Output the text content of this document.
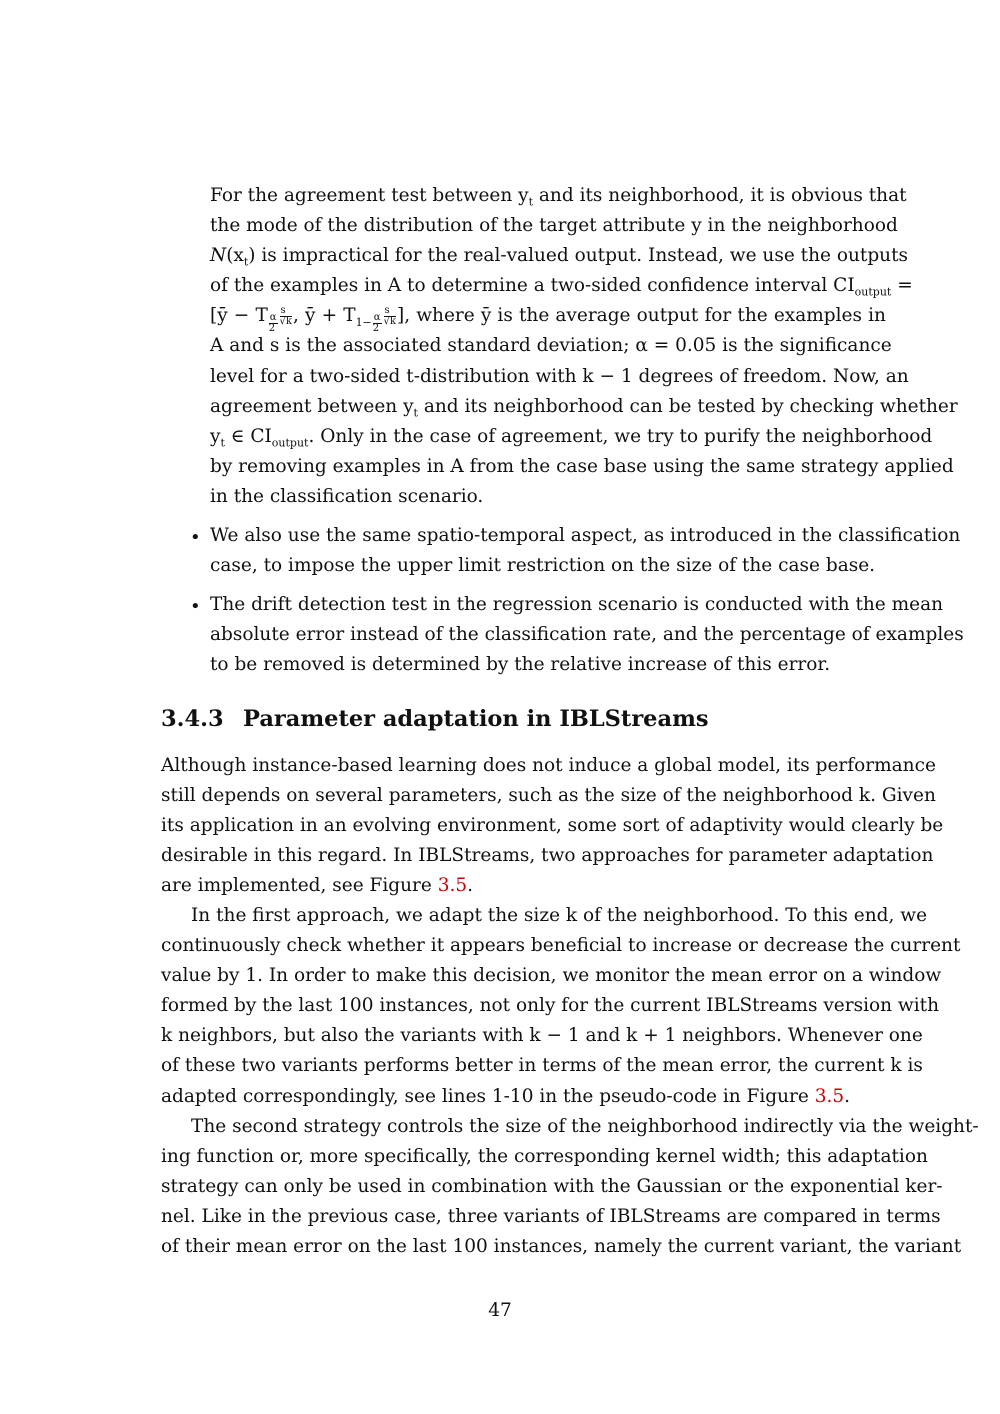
For the agreement test between $y_t$ and its neighborhood, it is obvious that
the mode of the distribution of the target attribute y in the neighborhood
$N(x_t)$ is impractical for the real-valued output. Instead, we use the outputs
of the examples in A to determine a two-sided confidence interval $CI_{output}$ =
[ȳ − T $_{\frac{\alpha}{2}} \frac{s}{√k}$ , ȳ + $T_{1- \frac{\alpha}{2}} \frac{s}{√k}$ ], where ȳ is the average output for the examples in
A and s is the associated standard deviation; α = 0.05 is the significance
level for a two-sided t-distribution with k − 1 degrees of freedom. Now, an
agreement between $y_t$ and its neighborhood can be tested by checking whether
$y_t$ ∈ $CI_{output}$. Only in the case of agreement, we try to purify the neighborhood
by removing examples in A from the case base using the same strategy applied
in the classification scenario.
• We also use the same spatio-temporal aspect, as introduced in the classification
case, to impose the upper limit restriction on the size of the case base.
• The drift detection test in the regression scenario is conducted with the mean
absolute error instead of the classification rate, and the percentage of examples
to be removed is determined by the relative increase of this error.
3.4.3 Parameter adaptation in IBLStreams
Although instance-based learning does not induce a global model, its performance
still depends on several parameters, such as the size of the neighborhood k. Given
its application in an evolving environment, some sort of adaptivity would clearly be
desirable in this regard. In IBLStreams, two approaches for parameter adaptation
are implemented, see Figure 3.5.
In the first approach, we adapt the size k of the neighborhood. To this end, we
continuously check whether it appears beneficial to increase or decrease the current
value by 1. In order to make this decision, we monitor the mean error on a window
formed by the last 100 instances, not only for the current IBLStreams version with
k neighbors, but also the variants with k − 1 and k + 1 neighbors. Whenever one
of these two variants performs better in terms of the mean error, the current k is
adapted correspondingly, see lines 1-10 in the pseudo-code in Figure 3.5.
The second strategy controls the size of the neighborhood indirectly via the weight-
ing function or, more specifically, the corresponding kernel width; this adaptation
strategy can only be used in combination with the Gaussian or the exponential ker-
nel. Like in the previous case, three variants of IBLStreams are compared in terms
of their mean error on the last 100 instances, namely the current variant, the variant
47
